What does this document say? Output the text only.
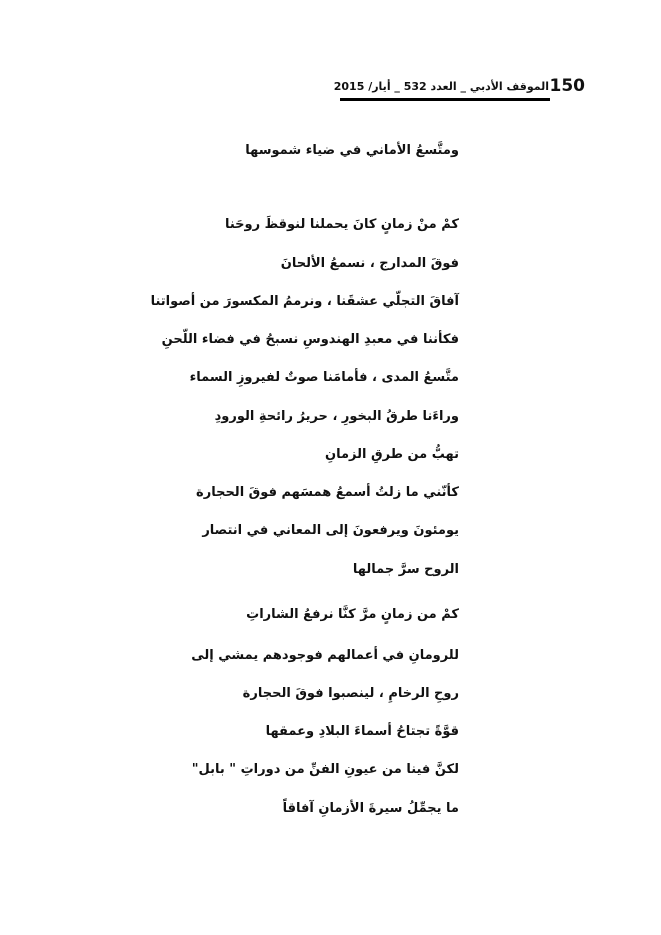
150
الموقف الأدبي _ العدد 532 _ أيار/ 2015
ومتَّسعُ الأماني في ضياء شموسها
كمْ منْ زمانٍ كانَ يحملنا لنوقظَ روحَنا
فوقَ المدارج ، نسمعُ الألحانَ
آفاقَ التجلّي عشقَنا ، ونرممُ المكسورَ من أصواتنا
فكأننا في معبدِ الهندوسِ نسبحُ في فضاء اللّحنِ
متَّسعُ المدى ، فأمامَنا صوتٌ لفيروزِ السماء
وراءَنا طرقُ البخورِ ، حريرُ رائحةِ الورودِ
تهبُّ من طرقِ الزمانِ
كأنّني ما زلتُ أسمعُ همسَهم فوقَ الحجارة
يومئونَ ويرفعونَ إلى المعاني في انتصار
الروح سرَّ جمالها
كمْ من زمانٍ مرَّ كنَّا نرفعُ الشاراتِ
للرومانِ في أعمالهم فوجودهم يمشي إلى
روحِ الرخامِ ، لينصبوا فوقَ الحجارة
قوَّةً تجتاحُ أسماءَ البلادِ وعمقها
لكنَّ فينا من عيونِ الفنِّ من دوراتِ " بابل"
ما يجمِّلُ سيرةَ الأزمانِ آفاقاً
